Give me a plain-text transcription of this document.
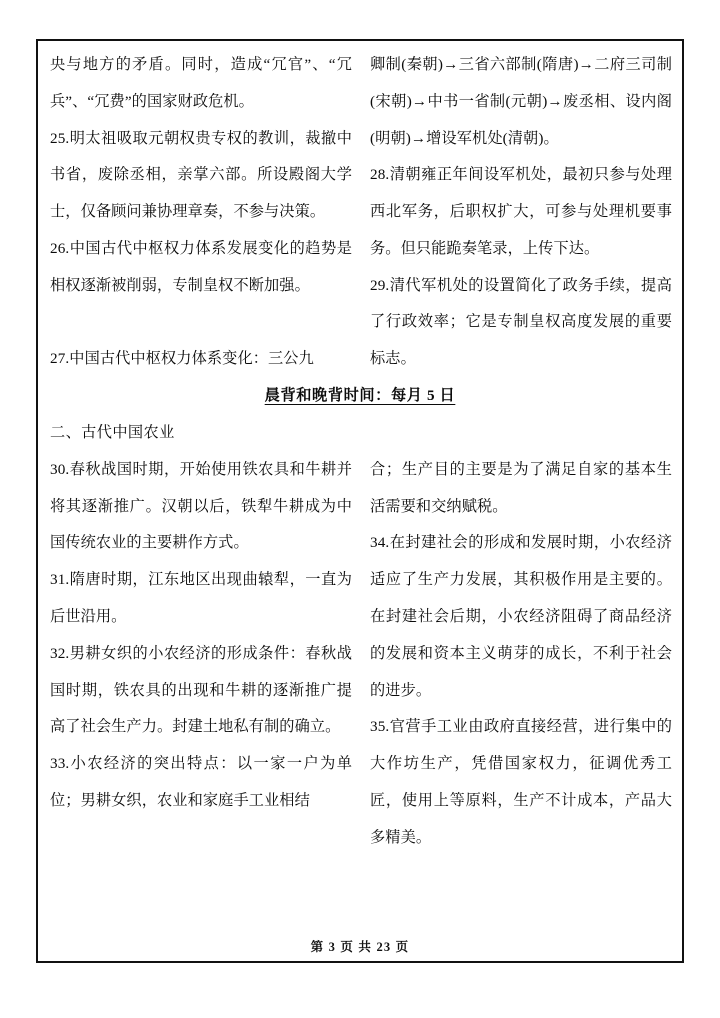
央与地方的矛盾。同时，造成“冗官”、“冗兵”、“冗费”的国家财政危机。

25.明太祖吸取元朝权贵专权的教训，裁撤中书省，废除丞相，亲掌六部。所设殿阁大学士，仅备顾问兼协理章奏，不参与决策。

26.中国古代中枢权力体系发展变化的趋势是相权逐渐被削弱，专制皇权不断加强。

27.中国古代中枢权力体系变化：三公九

卿制(秦朝)→三省六部制(隋唐)→二府三司制(宋朝)→中书一省制(元朝)→废丞相、设内阁(明朝)→增设军机处(清朝)。

28.清朝雍正年间设军机处，最初只参与处理西北军务，后职权扩大，可参与处理机要事务。但只能跪奏笔录，上传下达。

29.清代军机处的设置简化了政务手续，提高了行政效率；它是专制皇权高度发展的重要标志。

晨背和晚背时间：每月 5 日

二、古代中国农业

30.春秋战国时期，开始使用铁农具和牛耕并将其逐渐推广。汉朝以后，铁犁牛耕成为中国传统农业的主要耕作方式。

31.隋唐时期，江东地区出现曲辕犁，一直为后世沿用。

32.男耕女织的小农经济的形成条件：春秋战国时期，铁农具的出现和牛耕的逐渐推广提高了社会生产力。封建土地私有制的确立。

33.小农经济的突出特点：以一家一户为单位；男耕女织，农业和家庭手工业相结

合；生产目的主要是为了满足自家的基本生活需要和交纳赋税。

34.在封建社会的形成和发展时期，小农经济适应了生产力发展，其积极作用是主要的。在封建社会后期，小农经济阻碍了商品经济的发展和资本主义萌芽的成长，不利于社会的进步。

35.官营手工业由政府直接经营，进行集中的大作坊生产，凭借国家权力，征调优秀工匠，使用上等原料，生产不计成本，产品大多精美。

第 3 页 共 23 页
